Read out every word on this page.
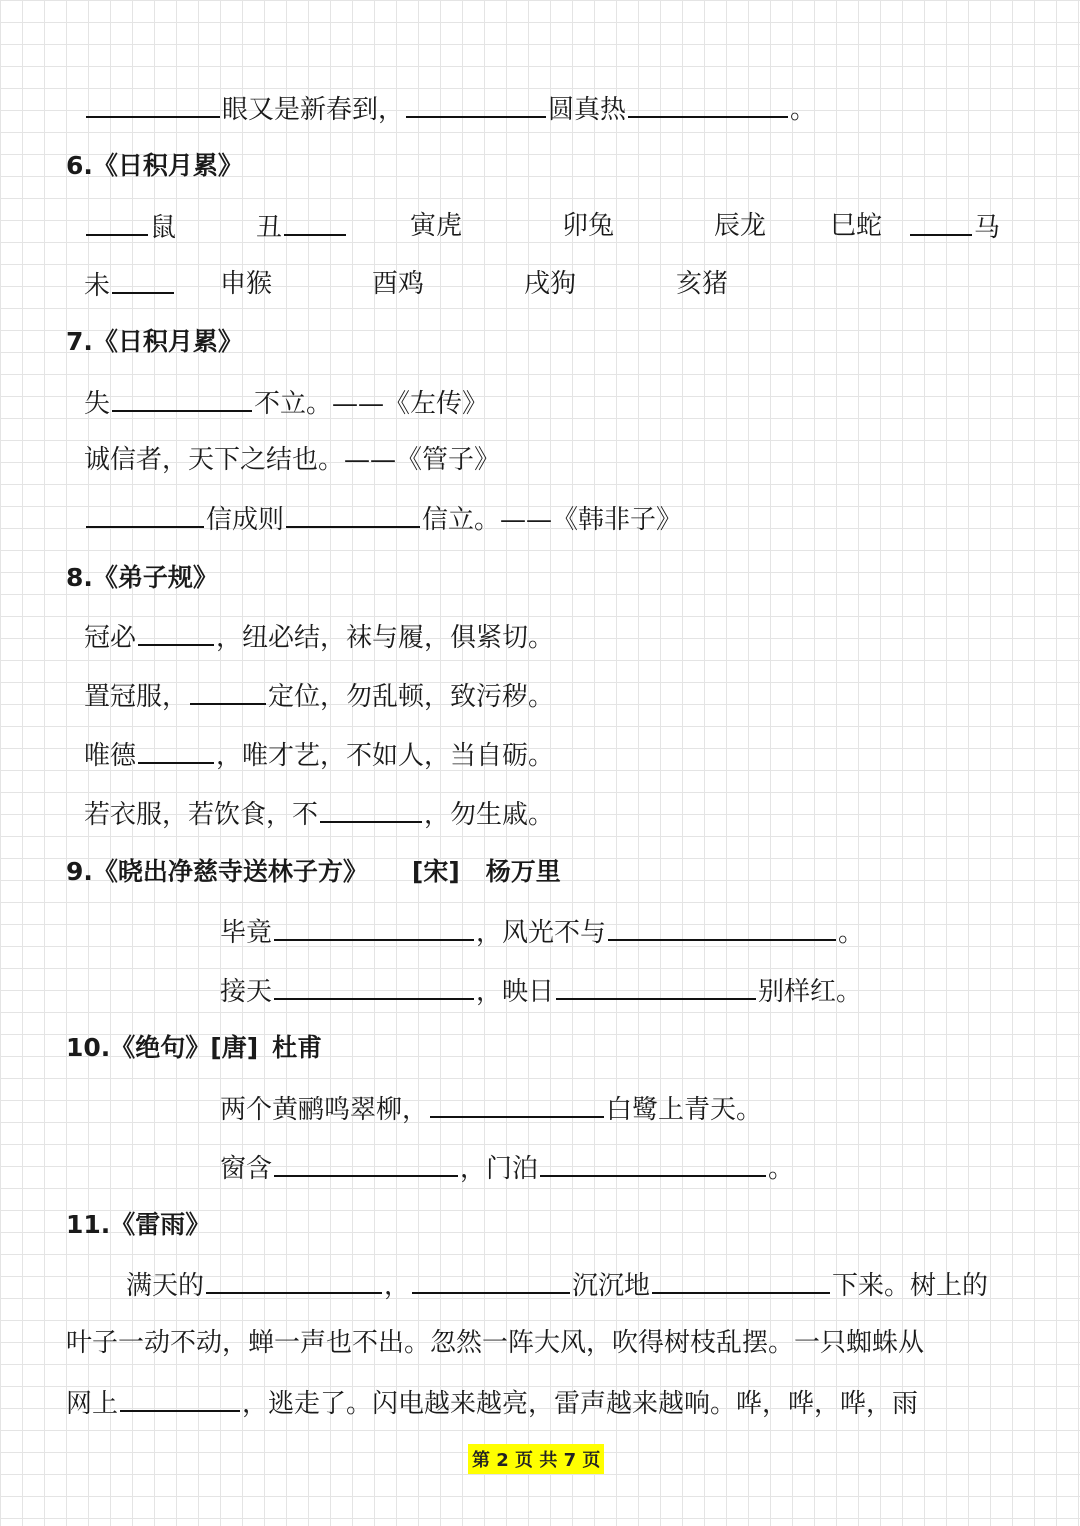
眼又是新春到，	圆真热	。
6.《日积月累》
鼠	丑	寅虎	卯兔	辰龙 巳蛇	马
未	申猴	酉鸡	戌狗	亥猪
7.《日积月累》
失	不立。——《左传》
诚信者，天下之结也。——《管子》
信成则	信立。——《韩非子》
8.《弟子规》
冠必	，纽必结，袜与履，俱紧切。
置冠服，	定位，勿乱顿，致污秽。
唯德	，唯才艺，不如人，当自砺。
若衣服，若饮食，不	，勿生戚。
9.《晓出净慈寺送林子方》 [宋] 杨万里
毕竟	，风光不与	。
接天	，映日	别样红。
10.《绝句》[唐] 杜甫
两个黄鹂鸣翠柳，	白鹭上青天。
窗含	，门泊	。
11.《雷雨》
满天的	，	沉沉地	下来。树上的
叶子一动不动，蝉一声也不出。忽然一阵大风，吹得树枝乱摆。一只蜘蛛从
网上	，逃走了。闪电越来越亮，雷声越来越响。哗，哗，哗，雨
第 2 页 共 7 页
